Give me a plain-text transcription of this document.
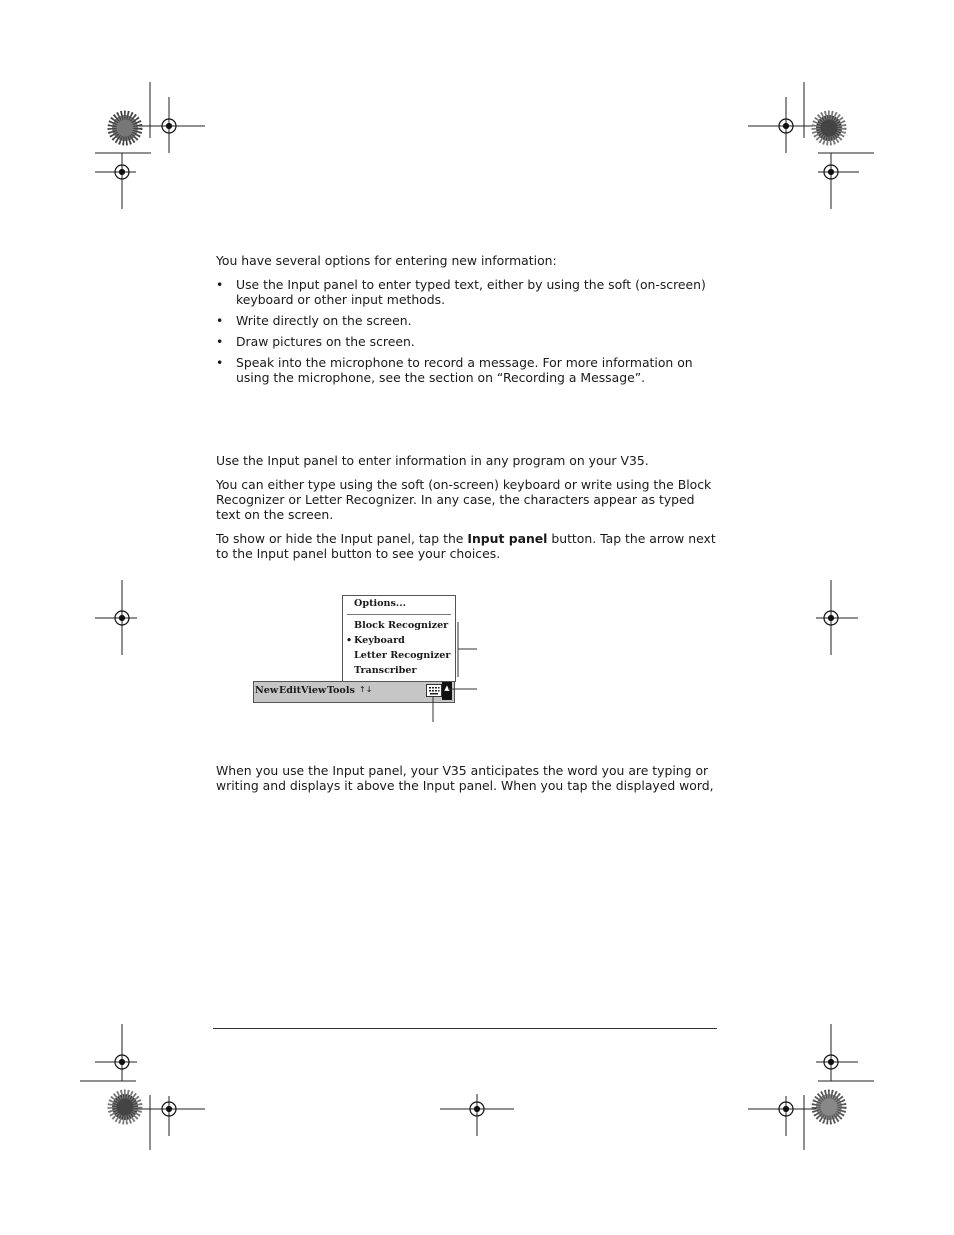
You have several options for entering new information:

• Use the Input panel to enter typed text, either by using the soft (on-screen) keyboard or other input methods.
• Write directly on the screen.
• Draw pictures on the screen.
• Speak into the microphone to record a message. For more information on using the microphone, see the section on “Recording a Message”.

Use the Input panel to enter information in any program on your V35.

You can either type using the soft (on-screen) keyboard or write using the Block Recognizer or Letter Recognizer. In any case, the characters appear as typed text on the screen.

To show or hide the Input panel, tap the Input panel button. Tap the arrow next to the Input panel button to see your choices.

Options...
Block Recognizer
• Keyboard
Letter Recognizer
Transcriber
New Edit View Tools ↑↓	▲

When you use the Input panel, your V35 anticipates the word you are typing or writing and displays it above the Input panel. When you tap the displayed word,
